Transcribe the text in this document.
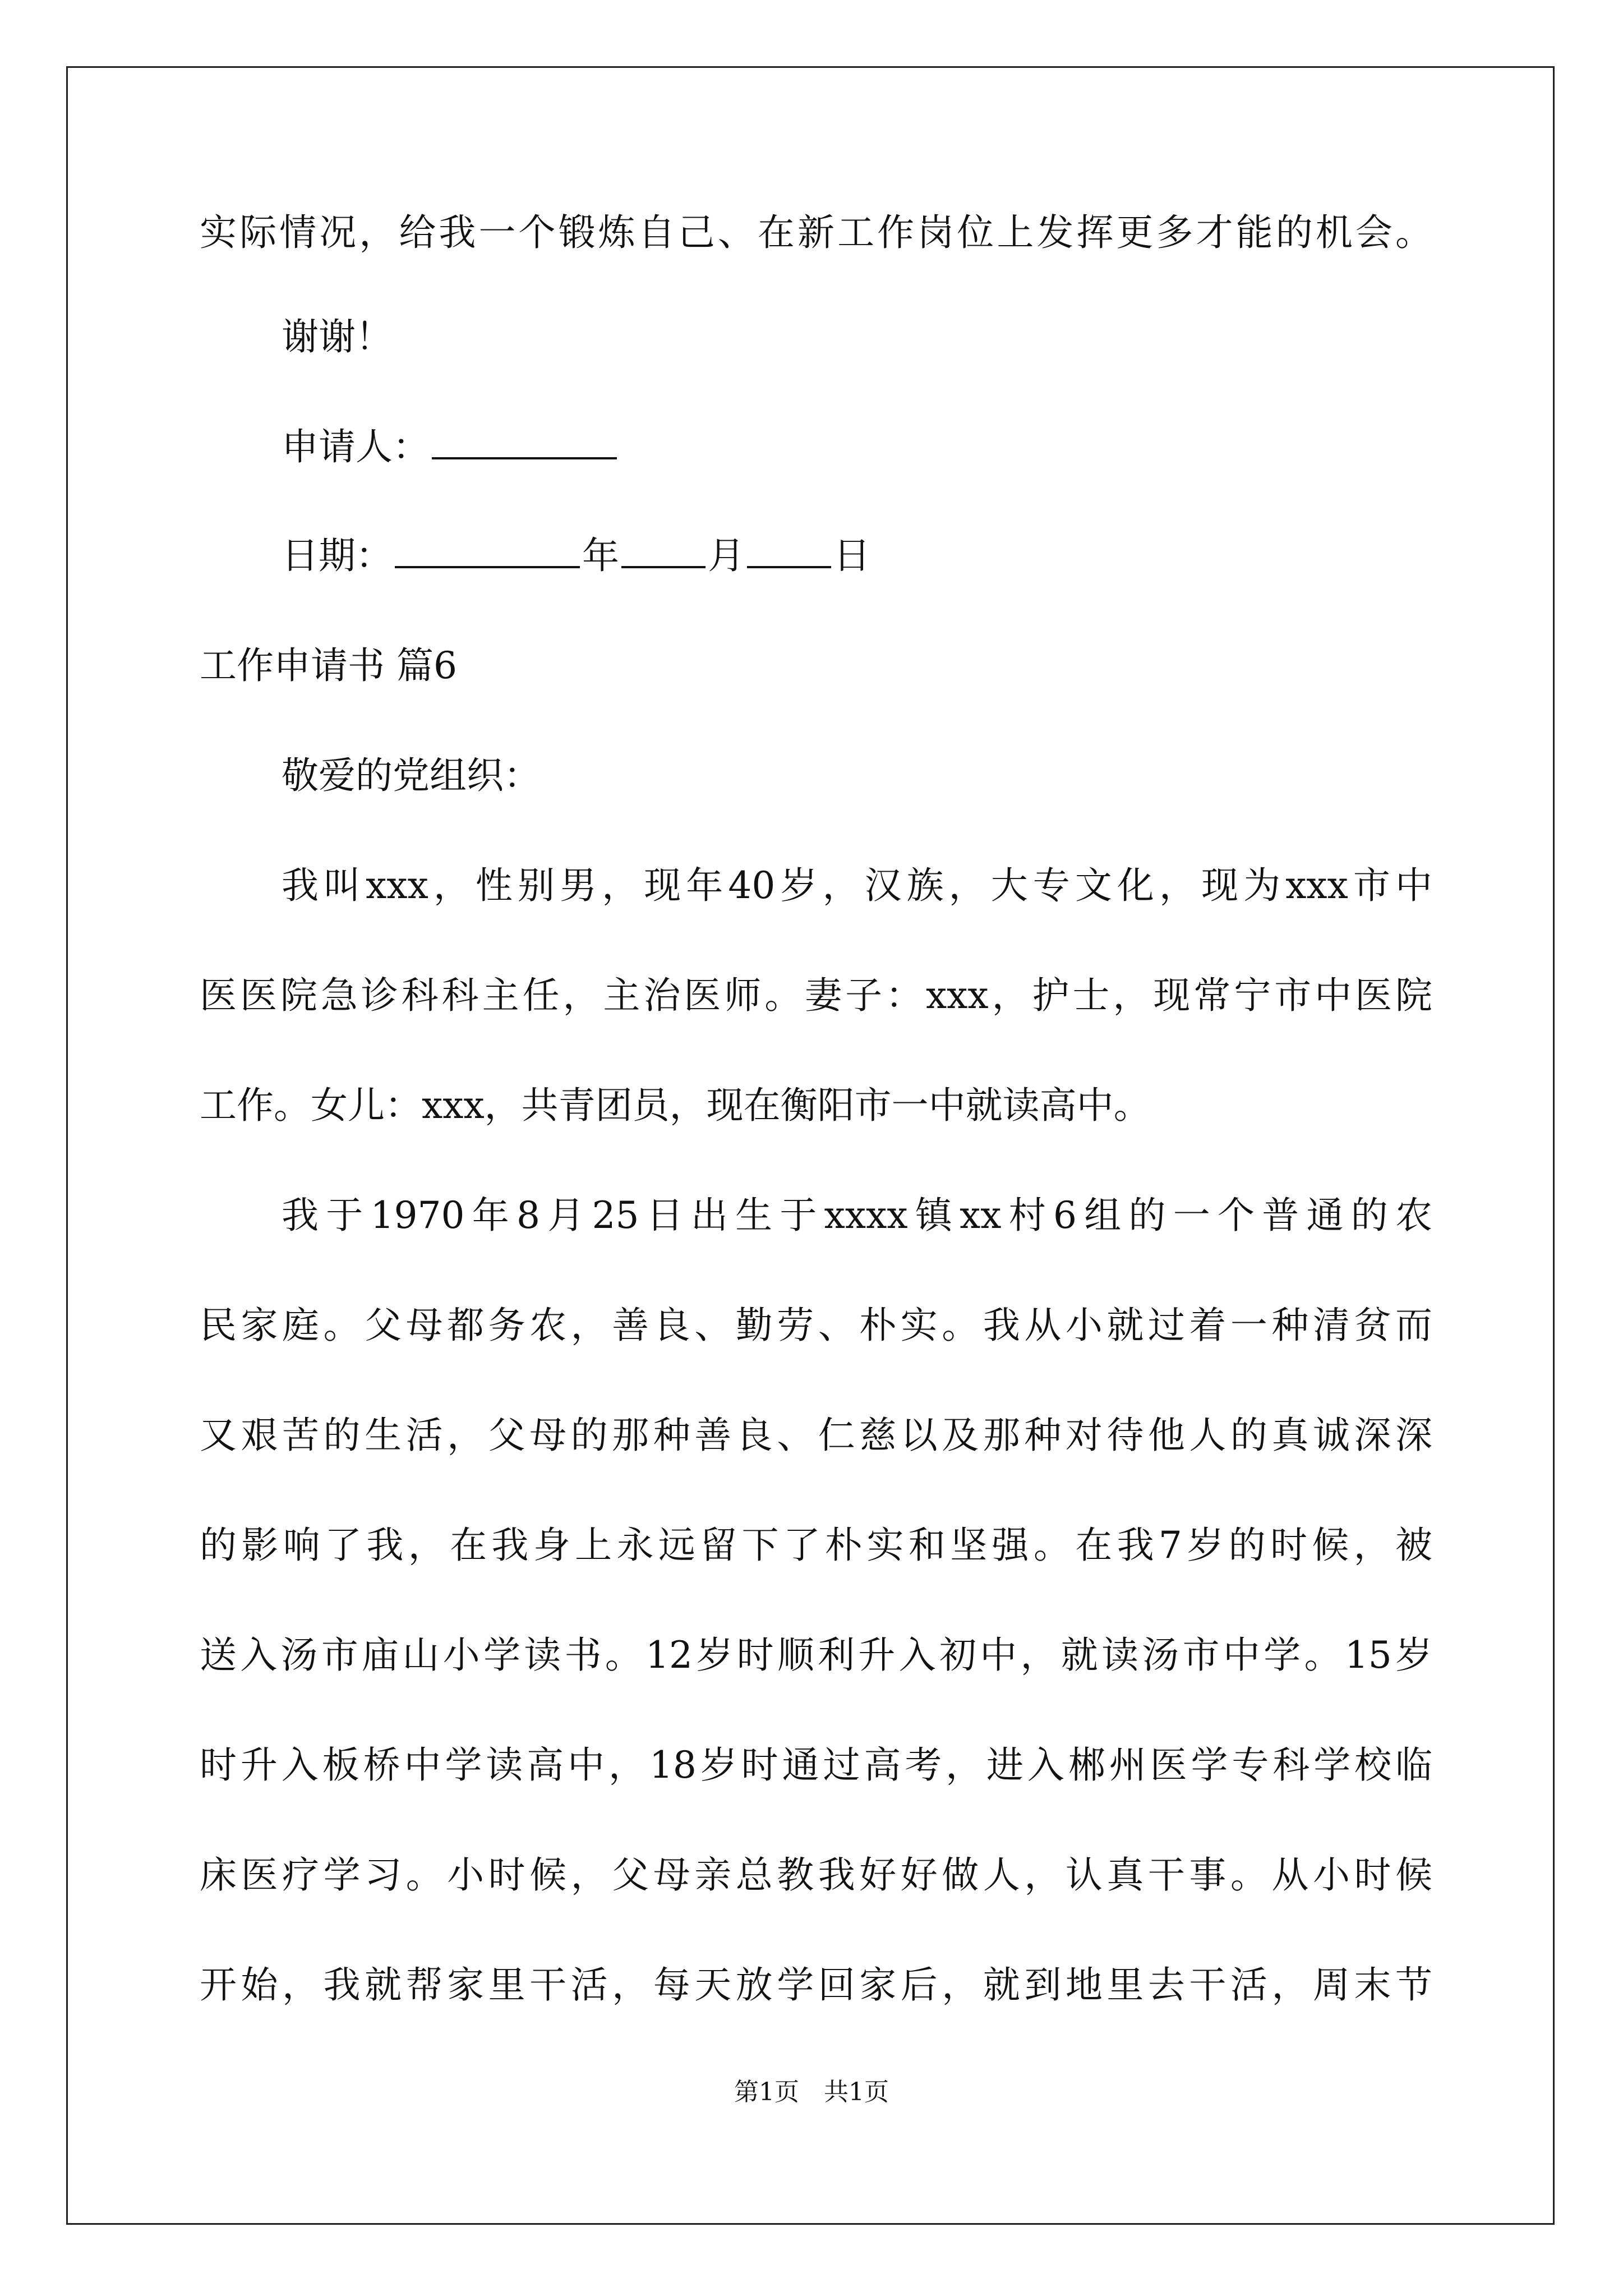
实际情况，给我一个锻炼自己、在新工作岗位上发挥更多才能的机会。
谢谢！
申请人：
日期：	年 月 日
工作申请书 篇6
敬爱的党组织：
我叫xxx，性别男，现年40岁，汉族，大专文化，现为xxx市中
医医院急诊科科主任，主治医师。妻子：xxx，护士，现常宁市中医院
工作。女儿：xxx，共青团员，现在衡阳市一中就读高中。
我于1970年8月25日出生于xxxx镇xx村6组的一个普通的农
民家庭。父母都务农，善良、勤劳、朴实。我从小就过着一种清贫而
又艰苦的生活，父母的那种善良、仁慈以及那种对待他人的真诚深深
的影响了我，在我身上永远留下了朴实和坚强。在我7岁的时候，被
送入汤市庙山小学读书。12岁时顺利升入初中，就读汤市中学。15岁
时升入板桥中学读高中，18岁时通过高考，进入郴州医学专科学校临
床医疗学习。小时候，父母亲总教我好好做人，认真干事。从小时候
开始，我就帮家里干活，每天放学回家后，就到地里去干活，周末节
第1页　共1页
